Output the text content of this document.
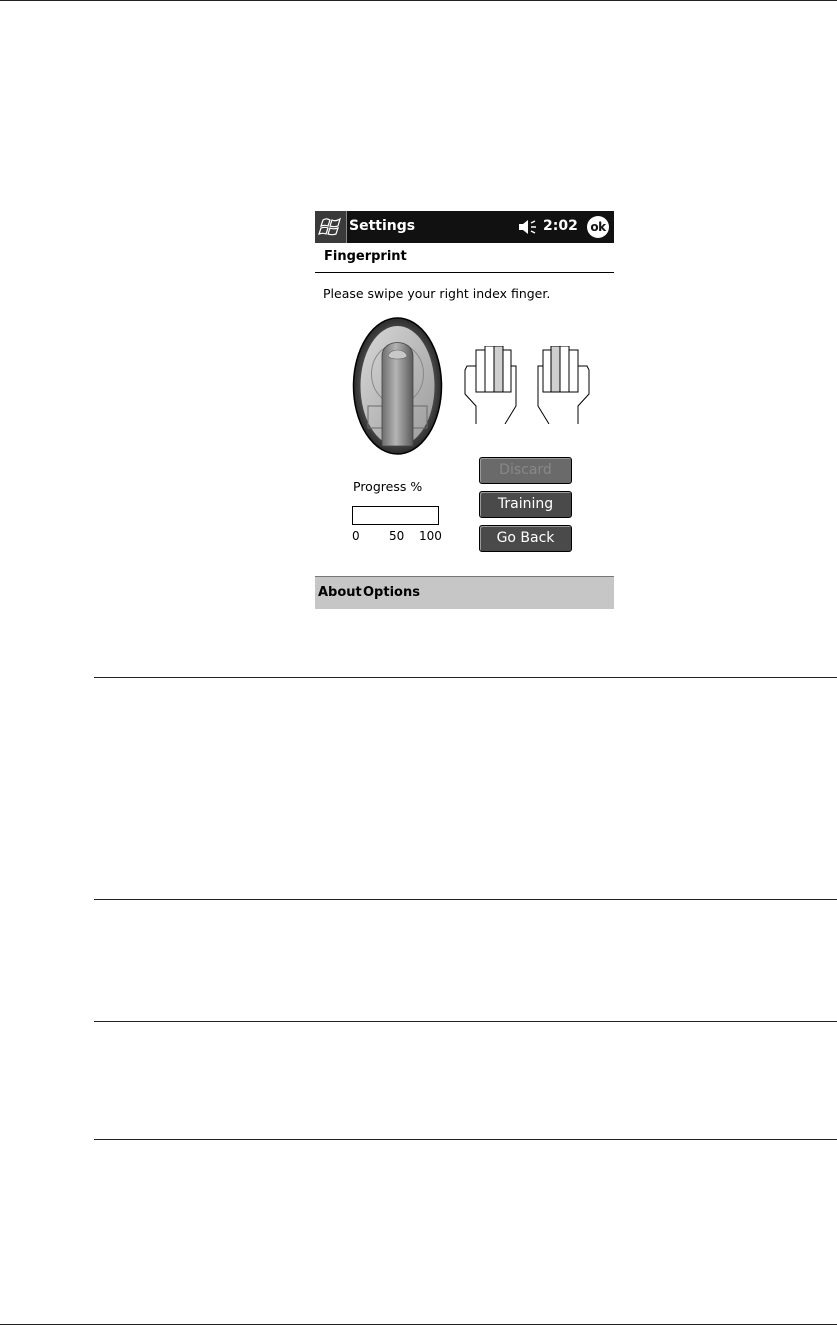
Settings	2:02 ok
Fingerprint
Please swipe your right index finger.
Progress %
0 50 100
Discard
Training
Go Back
About Options
